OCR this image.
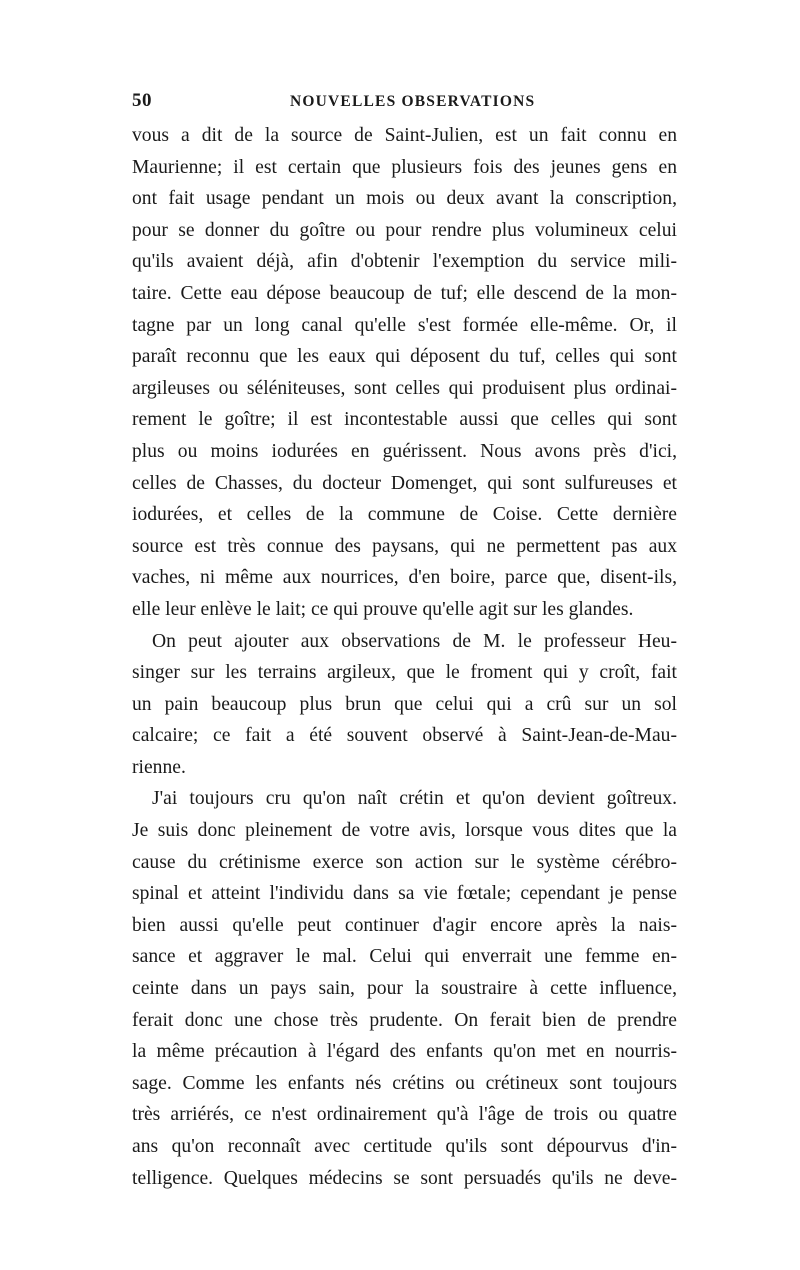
50	NOUVELLES OBSERVATIONS
vous a dit de la source de Saint-Julien, est un fait connu en
Maurienne; il est certain que plusieurs fois des jeunes gens en
ont fait usage pendant un mois ou deux avant la conscription,
pour se donner du goître ou pour rendre plus volumineux celui
qu'ils avaient déjà, afin d'obtenir l'exemption du service mili-
taire. Cette eau dépose beaucoup de tuf; elle descend de la mon-
tagne par un long canal qu'elle s'est formée elle-même. Or, il
paraît reconnu que les eaux qui déposent du tuf, celles qui sont
argileuses ou séléniteuses, sont celles qui produisent plus ordinai-
rement le goître; il est incontestable aussi que celles qui sont
plus ou moins iodurées en guérissent. Nous avons près d'ici,
celles de Chasses, du docteur Domenget, qui sont sulfureuses et
iodurées, et celles de la commune de Coise. Cette dernière
source est très connue des paysans, qui ne permettent pas aux
vaches, ni même aux nourrices, d'en boire, parce que, disent-ils,
elle leur enlève le lait; ce qui prouve qu'elle agit sur les glandes.
On peut ajouter aux observations de M. le professeur Heu-
singer sur les terrains argileux, que le froment qui y croît, fait
un pain beaucoup plus brun que celui qui a crû sur un sol
calcaire; ce fait a été souvent observé à Saint-Jean-de-Mau-
rienne.
J'ai toujours cru qu'on naît crétin et qu'on devient goîtreux.
Je suis donc pleinement de votre avis, lorsque vous dites que la
cause du crétinisme exerce son action sur le système cérébro-
spinal et atteint l'individu dans sa vie fœtale; cependant je pense
bien aussi qu'elle peut continuer d'agir encore après la nais-
sance et aggraver le mal. Celui qui enverrait une femme en-
ceinte dans un pays sain, pour la soustraire à cette influence,
ferait donc une chose très prudente. On ferait bien de prendre
la même précaution à l'égard des enfants qu'on met en nourris-
sage. Comme les enfants nés crétins ou crétineux sont toujours
très arriérés, ce n'est ordinairement qu'à l'âge de trois ou quatre
ans qu'on reconnaît avec certitude qu'ils sont dépourvus d'in-
telligence. Quelques médecins se sont persuadés qu'ils ne deve-
